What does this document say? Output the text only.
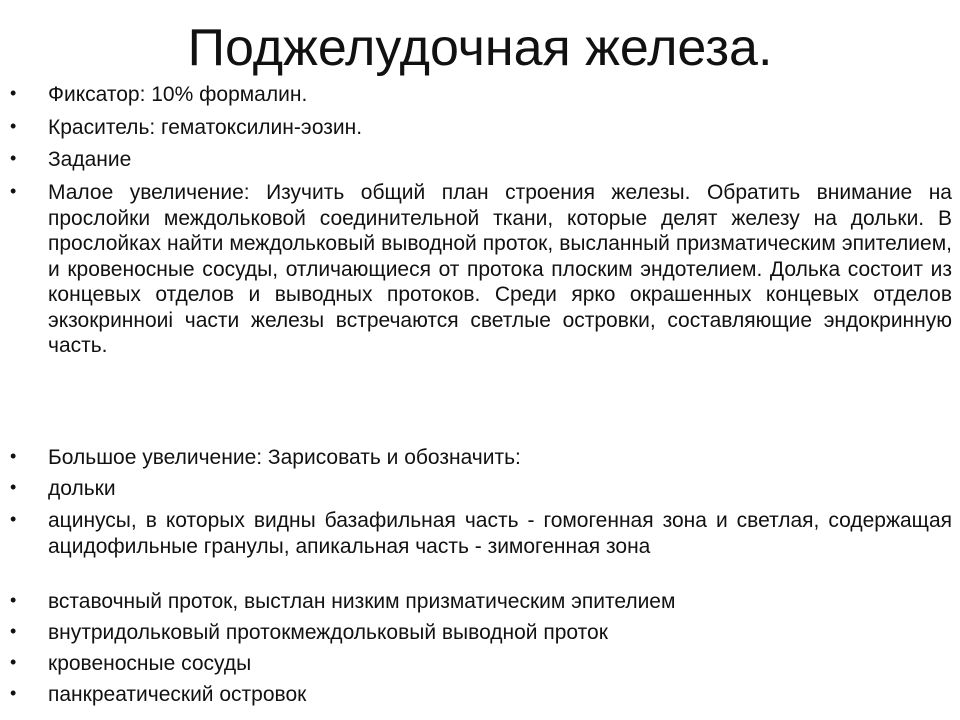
Поджелудочная железа.
• Фиксатор: 10% формалин.
• Краситель: гематоксилин-эозин.
• Задание
• Малое увеличение: Изучить общий план строения железы. Обратить внимание на прослойки междольковой соединительной ткани, которые делят железу на дольки. В прослойках найти междольковый выводной проток, высланный призматическим эпителием, и кровеносные сосуды, отличающиеся от протока плоским эндотелием. Долька состоит из концевых отделов и выводных протоков. Среди ярко окрашенных концевых отделов экзокринноиі части железы встречаются светлые островки, составляющие эндокринную часть.
• Большое увеличение: Зарисовать и обозначить:
• дольки
• ацинусы, в которых видны базафильная часть - гомогенная зона и светлая, содержащая ацидофильные гранулы, апикальная часть - зимогенная зона
• вставочный проток, выстлан низким призматическим эпителием
• внутридольковый протокмеждольковый выводной проток
• кровеносные сосуды
• панкреатический островок
